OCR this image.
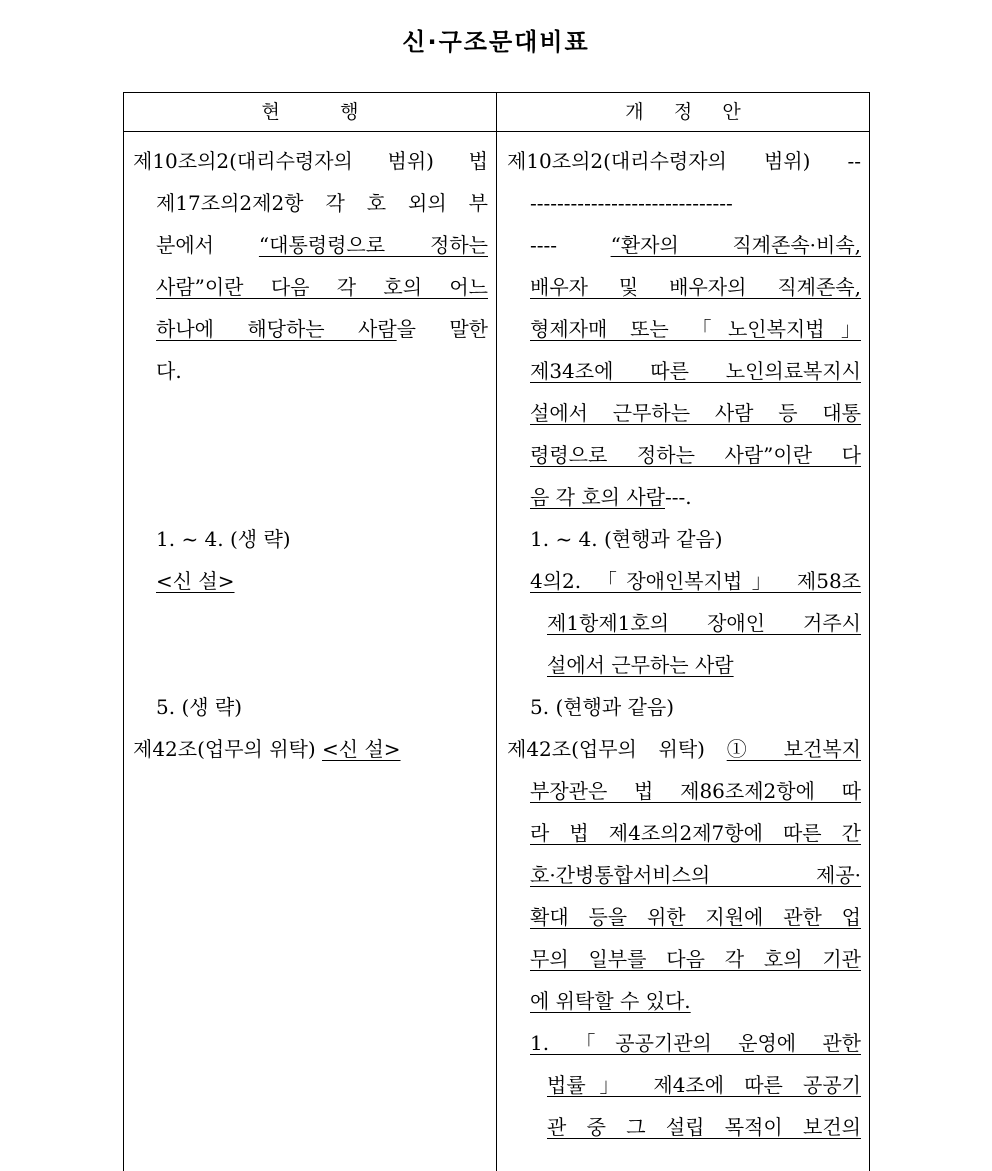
신·구조문대비표
현          행	개     정     안
제10조의2(대리수령자의 범위) 법
제17조의2제2항 각 호 외의 부
분에서 “대통령령으로 정하는
사람”이란 다음 각 호의 어느
하나에 해당하는 사람을 말한
다.
1. ~ 4. (생 략)
<신 설>
5. (생 략)
제42조(업무의 위탁) <신 설>
제10조의2(대리수령자의 범위) --
------------------------------
---- “환자의 직계존속·비속,
배우자 및 배우자의 직계존속,
형제자매 또는 「노인복지법」
제34조에 따른 노인의료복지시
설에서 근무하는 사람 등 대통
령령으로 정하는 사람”이란 다
음 각 호의 사람---.
1. ~ 4. (현행과 같음)
4의2. 「장애인복지법」 제58조
제1항제1호의 장애인 거주시
설에서 근무하는 사람
5. (현행과 같음)
제42조(업무의 위탁) ① 보건복지
부장관은 법 제86조제2항에 따
라 법 제4조의2제7항에 따른 간
호·간병통합서비스의 제공·
확대 등을 위한 지원에 관한 업
무의 일부를 다음 각 호의 기관
에 위탁할 수 있다.
1. 「공공기관의 운영에 관한
법률」 제4조에 따른 공공기
관 중 그 설립 목적이 보건의
